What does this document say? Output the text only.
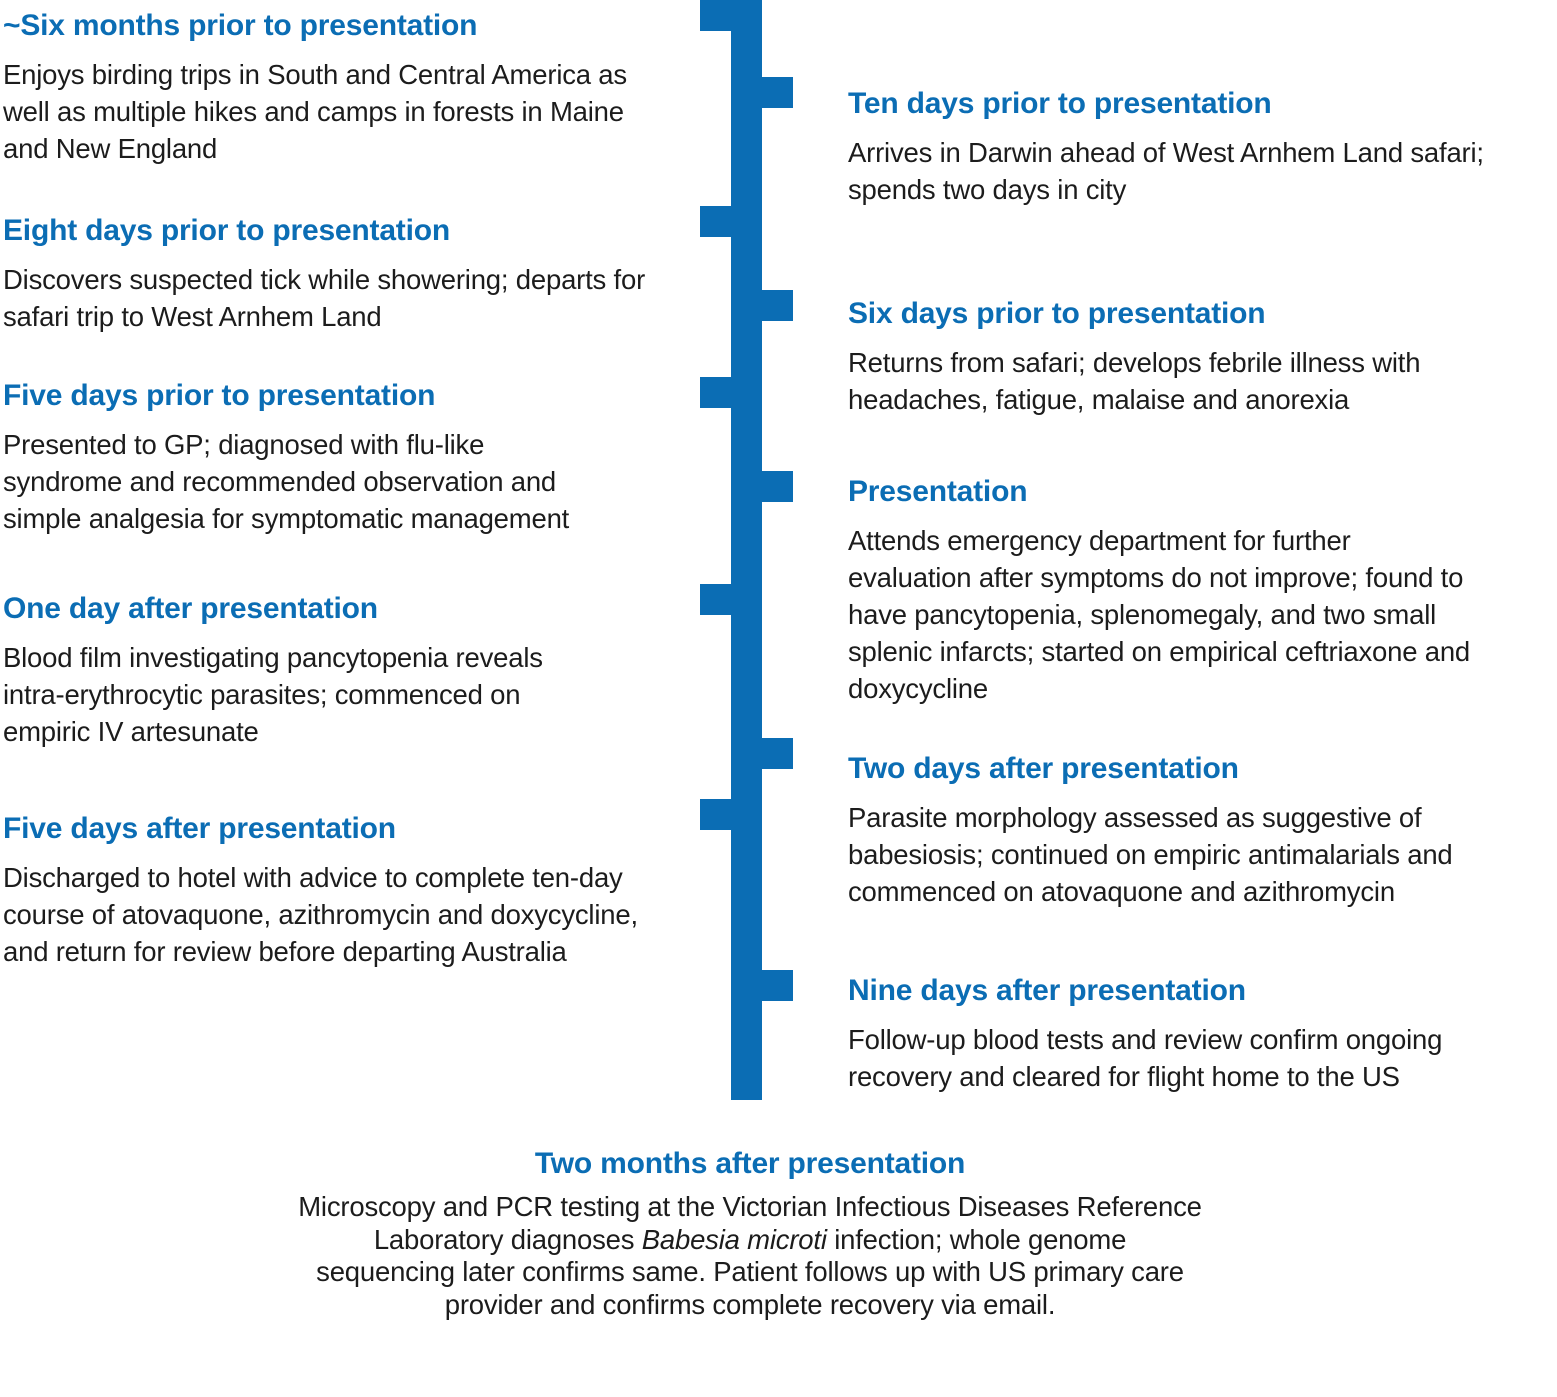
~Six months prior to presentation

Enjoys birding trips in South and Central America as well as multiple hikes and camps in forests in Maine and New England

Eight days prior to presentation

Discovers suspected tick while showering; departs for safari trip to West Arnhem Land

Five days prior to presentation

Presented to GP; diagnosed with flu-like syndrome and recommended observation and simple analgesia for symptomatic management

One day after presentation

Blood film investigating pancytopenia reveals intra-erythrocytic parasites; commenced on empiric IV artesunate

Five days after presentation

Discharged to hotel with advice to complete ten-day course of atovaquone, azithromycin and doxycycline, and return for review before departing Australia

Ten days prior to presentation

Arrives in Darwin ahead of West Arnhem Land safari; spends two days in city

Six days prior to presentation

Returns from safari; develops febrile illness with headaches, fatigue, malaise and anorexia

Presentation

Attends emergency department for further evaluation after symptoms do not improve; found to have pancytopenia, splenomegaly, and two small splenic infarcts; started on empirical ceftriaxone and doxycycline

Two days after presentation

Parasite morphology assessed as suggestive of babesiosis; continued on empiric antimalarials and commenced on atovaquone and azithromycin

Nine days after presentation

Follow-up blood tests and review confirm ongoing recovery and cleared for flight home to the US

Two months after presentation

Microscopy and PCR testing at the Victorian Infectious Diseases Reference
Laboratory diagnoses Babesia microti infection; whole genome
sequencing later confirms same. Patient follows up with US primary care
provider and confirms complete recovery via email.
